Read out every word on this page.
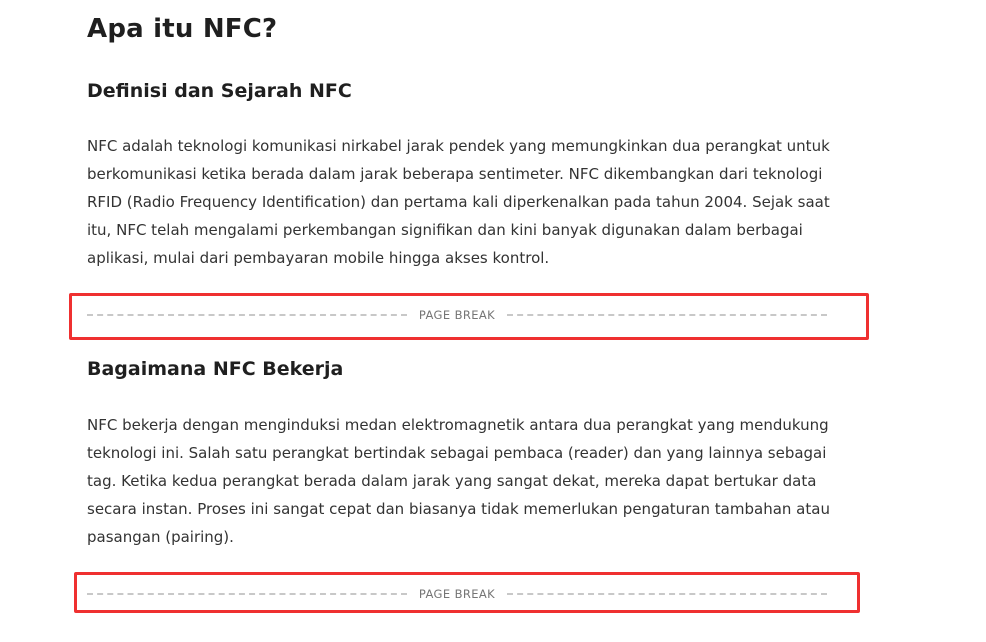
Apa itu NFC?
Definisi dan Sejarah NFC

NFC adalah teknologi komunikasi nirkabel jarak pendek yang memungkinkan dua perangkat untuk berkomunikasi ketika berada dalam jarak beberapa sentimeter. NFC dikembangkan dari teknologi RFID (Radio Frequency Identification) dan pertama kali diperkenalkan pada tahun 2004. Sejak saat itu, NFC telah mengalami perkembangan signifikan dan kini banyak digunakan dalam berbagai aplikasi, mulai dari pembayaran mobile hingga akses kontrol.

Bagaimana NFC Bekerja

NFC bekerja dengan menginduksi medan elektromagnetik antara dua perangkat yang mendukung teknologi ini. Salah satu perangkat bertindak sebagai pembaca (reader) dan yang lainnya sebagai tag. Ketika kedua perangkat berada dalam jarak yang sangat dekat, mereka dapat bertukar data secara instan. Proses ini sangat cepat dan biasanya tidak memerlukan pengaturan tambahan atau pasangan (pairing).

PAGE BREAK
PAGE BREAK
